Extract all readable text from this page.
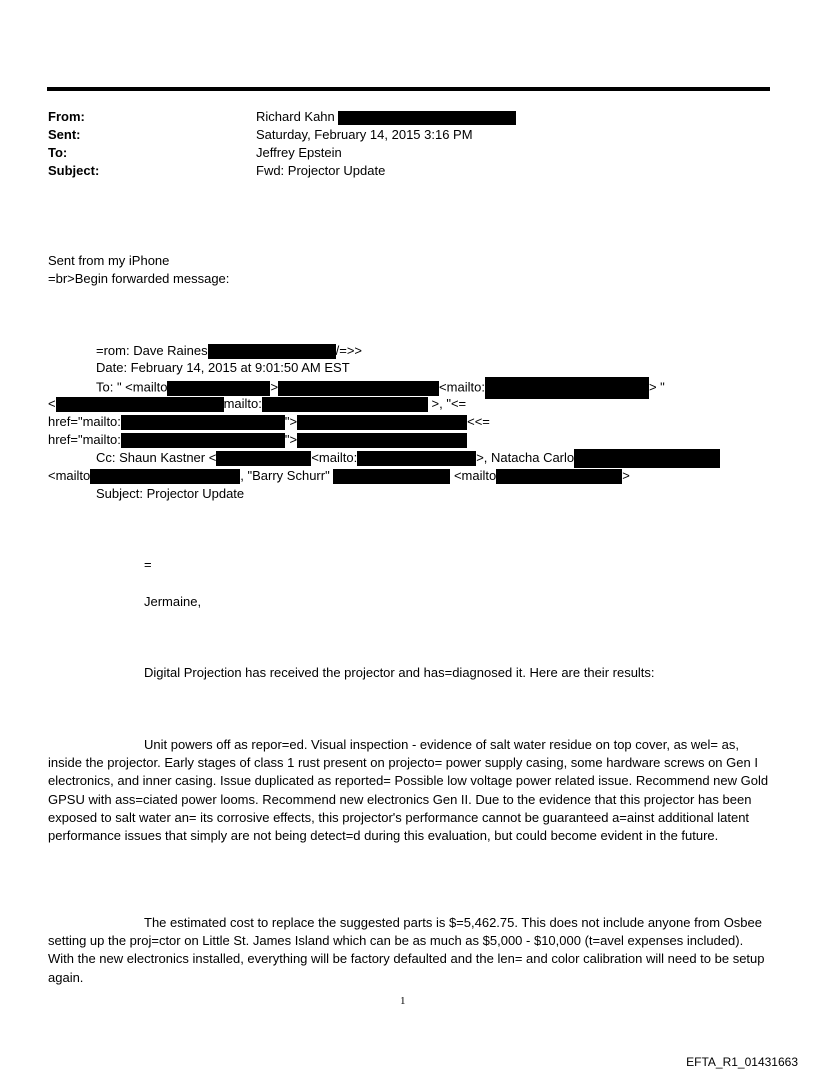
From:	Richard Kahn
Sent:	Saturday, February 14, 2015 3:16 PM
To:	Jeffrey Epstein
Subject:	Fwd: Projector Update
Sent from my iPhone
=br>Begin forwarded message:
=rom: Dave Raines	/=>>
Date: February 14, 2015 at 9:01:50 AM EST
To: " <mailto	>	<mailto:	> "
<	mailto:	>, "<=
href="mailto:	">	<<=
href="mailto:	">
Cc: Shaun Kastner <	<mailto:	>, Natacha Carlo
<mailto	, "Barry Schurr"	<mailto	>
Subject: Projector Update
=
Jermaine,
Digital Projection has received the projector and has=diagnosed it. Here are their results:
Unit powers off as repor=ed. Visual inspection - evidence of salt water residue on top cover, as wel= as, inside the projector. Early stages of class 1 rust present on projecto= power supply casing, some hardware screws on Gen I electronics, and inner casing. Issue duplicated as reported= Possible low voltage power related issue. Recommend new Gold GPSU with ass=ciated power looms. Recommend new electronics Gen II. Due to the evidence that this projector has been exposed to salt water an= its corrosive effects, this projector's performance cannot be guaranteed a=ainst additional latent performance issues that simply are not being detect=d during this evaluation, but could become evident in the future.
The estimated cost to replace the suggested parts is $=5,462.75. This does not include anyone from Osbee setting up the proj=ctor on Little St. James Island which can be as much as $5,000 - $10,000 (t=avel expenses included). With the new electronics installed, everything will be factory defaulted and the len= and color calibration will need to be setup again.
1
EFTA_R1_01431663
